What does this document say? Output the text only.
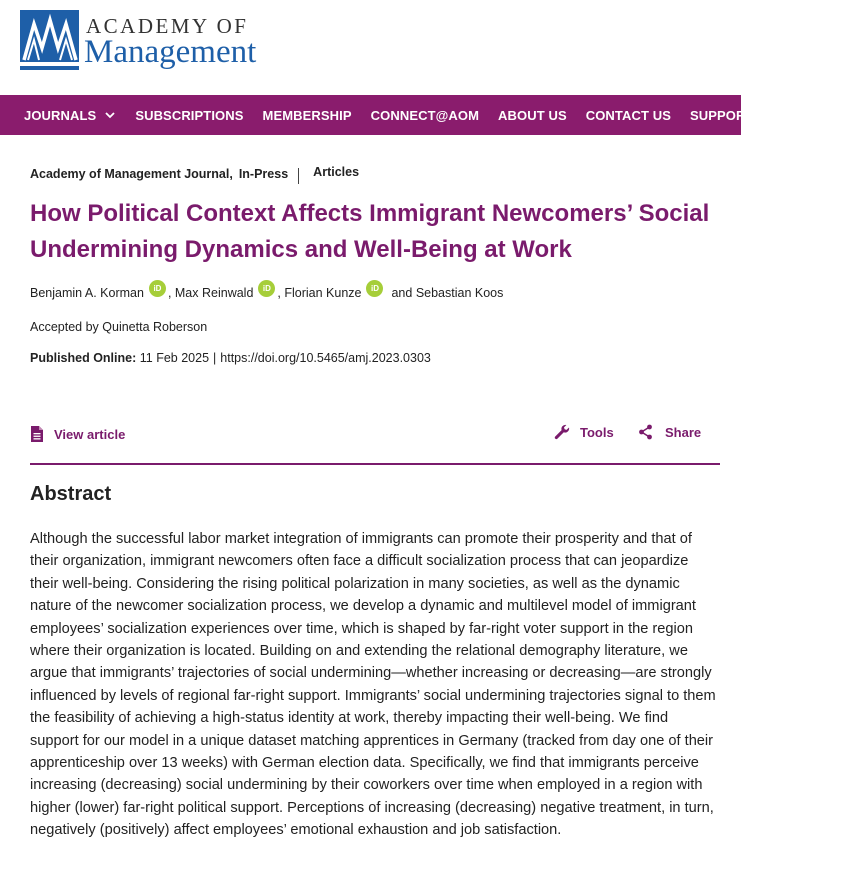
ACADEMY OF
Management
JOURNALS	SUBSCRIPTIONS MEMBERSHIP CONNECT@AOM ABOUT US CONTACT US SUPPORT EDITORIAL
Academy of Management Journal, In-Press Articles
How Political Context Affects Immigrant Newcomers’ Social Undermining Dynamics and Well-Being at Work
Benjamin A. Korman	iD , Max Reinwald	iD , Florian Kunze	iD	and Sebastian Koos
Accepted by Quinetta Roberson
Published Online: 11 Feb 2025 | https://doi.org/10.5465/amj.2023.0303
View article	Tools	Share
Abstract

Although the successful labor market integration of immigrants can promote their prosperity and that of their organization, immigrant newcomers often face a difficult socialization process that can jeopardize their well-being. Considering the rising political polarization in many societies, as well as the dynamic nature of the newcomer socialization process, we develop a dynamic and multilevel model of immigrant employees’ socialization experiences over time, which is shaped by far-right voter support in the region where their organization is located. Building on and extending the relational demography literature, we argue that immigrants’ trajectories of social undermining—whether increasing or decreasing—are strongly influenced by levels of regional far-right support. Immigrants’ social undermining trajectories signal to them the feasibility of achieving a high-status identity at work, thereby impacting their well-being. We find support for our model in a unique dataset matching apprentices in Germany (tracked from day one of their apprenticeship over 13 weeks) with German election data. Specifically, we find that immigrants perceive increasing (decreasing) social undermining by their coworkers over time when employed in a region with higher (lower) far-right political support. Perceptions of increasing (decreasing) negative treatment, in turn, negatively (positively) affect employees’ emotional exhaustion and job satisfaction.
